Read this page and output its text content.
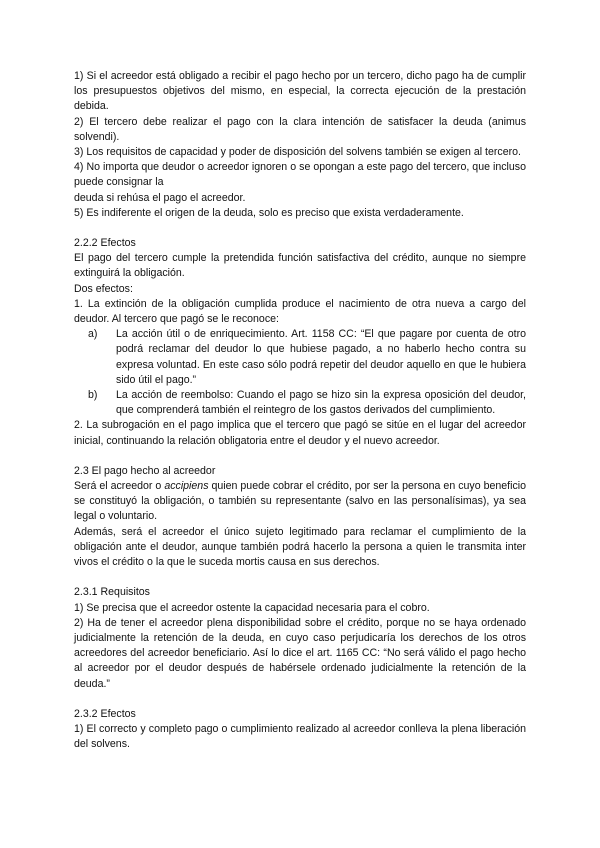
1) Si el acreedor está obligado a recibir el pago hecho por un tercero, dicho pago ha de cumplir los presupuestos objetivos del mismo, en especial, la correcta ejecución de la prestación debida.

2) El tercero debe realizar el pago con la clara intención de satisfacer la deuda (animus solvendi).

3) Los requisitos de capacidad y poder de disposición del solvens también se exigen al tercero.

4) No importa que deudor o acreedor ignoren o se opongan a este pago del tercero, que incluso puede consignar la

deuda si rehúsa el pago el acreedor.

5) Es indiferente el origen de la deuda, solo es preciso que exista verdaderamente.

2.2.2 Efectos

El pago del tercero cumple la pretendida función satisfactiva del crédito, aunque no siempre extinguirá la obligación.

Dos efectos:

1. La extinción de la obligación cumplida produce el nacimiento de otra nueva a cargo del deudor. Al tercero que pagó se le reconoce:

a)	La acción útil o de enriquecimiento. Art. 1158 CC: “El que pagare por cuenta de otro podrá reclamar del deudor lo que hubiese pagado, a no haberlo hecho contra su expresa voluntad. En este caso sólo podrá repetir del deudor aquello en que le hubiera sido útil el pago.”
b)	La acción de reembolso: Cuando el pago se hizo sin la expresa oposición del deudor, que comprenderá también el reintegro de los gastos derivados del cumplimiento.

2. La subrogación en el pago implica que el tercero que pagó se sitúe en el lugar del acreedor inicial, continuando la relación obligatoria entre el deudor y el nuevo acreedor.

2.3 El pago hecho al acreedor

Será el acreedor o accipiens quien puede cobrar el crédito, por ser la persona en cuyo beneficio se constituyó la obligación, o también su representante (salvo en las personalísimas), ya sea legal o voluntario.

Además, será el acreedor el único sujeto legitimado para reclamar el cumplimiento de la obligación ante el deudor, aunque también podrá hacerlo la persona a quien le transmita inter vivos el crédito o la que le suceda mortis causa en sus derechos.

2.3.1 Requisitos

1) Se precisa que el acreedor ostente la capacidad necesaria para el cobro.

2) Ha de tener el acreedor plena disponibilidad sobre el crédito, porque no se haya ordenado judicialmente la retención de la deuda, en cuyo caso perjudicaría los derechos de los otros acreedores del acreedor beneficiario. Así lo dice el art. 1165 CC: “No será válido el pago hecho al acreedor por el deudor después de habérsele ordenado judicialmente la retención de la deuda.”

2.3.2 Efectos

1) El correcto y completo pago o cumplimiento realizado al acreedor conlleva la plena liberación del solvens.
